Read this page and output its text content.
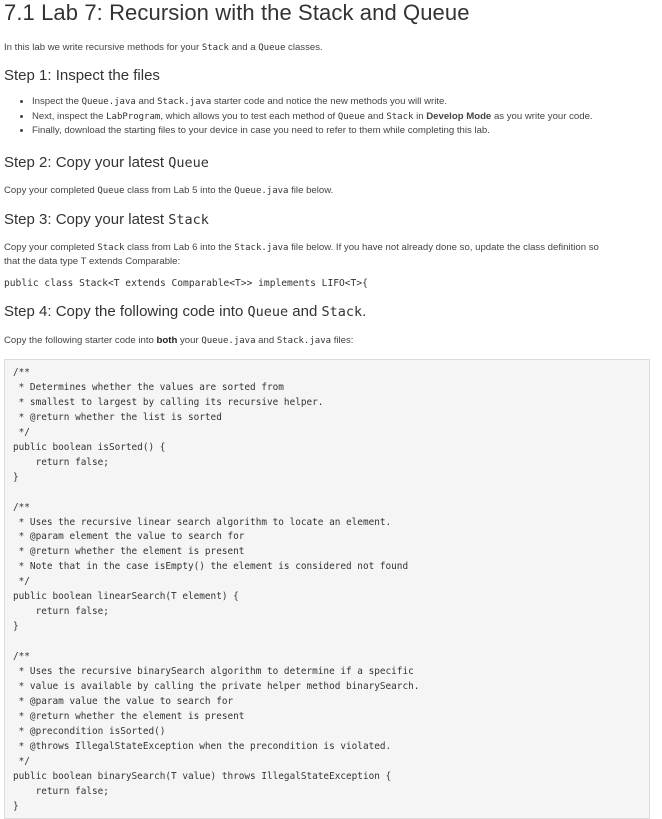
7.1 Lab 7: Recursion with the Stack and Queue

In this lab we write recursive methods for your Stack and a Queue classes.

Step 1: Inspect the files
• Inspect the Queue.java and Stack.java starter code and notice the new methods you will write.
• Next, inspect the LabProgram, which allows you to test each method of Queue and Stack in Develop Mode as you write your code.
• Finally, download the starting files to your device in case you need to refer to them while completing this lab.
Step 2: Copy your latest Queue

Copy your completed Queue class from Lab 5 into the Queue.java file below.

Step 3: Copy your latest Stack

Copy your completed Stack class from Lab 6 into the Stack.java file below. If you have not already done so, update the class definition so

that the data type T extends Comparable:

public class Stack<T extends Comparable<T>> implements LIFO<T>{

Step 4: Copy the following code into Queue and Stack.

Copy the following starter code into both your Queue.java and Stack.java files:

/**
* Determines whether the values are sorted from
* smallest to largest by calling its recursive helper.
* @return whether the list is sorted
*/
public boolean isSorted() {
return false;
}

/**
* Uses the recursive linear search algorithm to locate an element.
* @param element the value to search for
* @return whether the element is present
* Note that in the case isEmpty() the element is considered not found
*/
public boolean linearSearch(T element) {
return false;
}

/**
* Uses the recursive binarySearch algorithm to determine if a specific
* value is available by calling the private helper method binarySearch.
* @param value the value to search for
* @return whether the element is present
* @precondition isSorted()
* @throws IllegalStateException when the precondition is violated.
*/
public boolean binarySearch(T value) throws IllegalStateException {
return false;
}
